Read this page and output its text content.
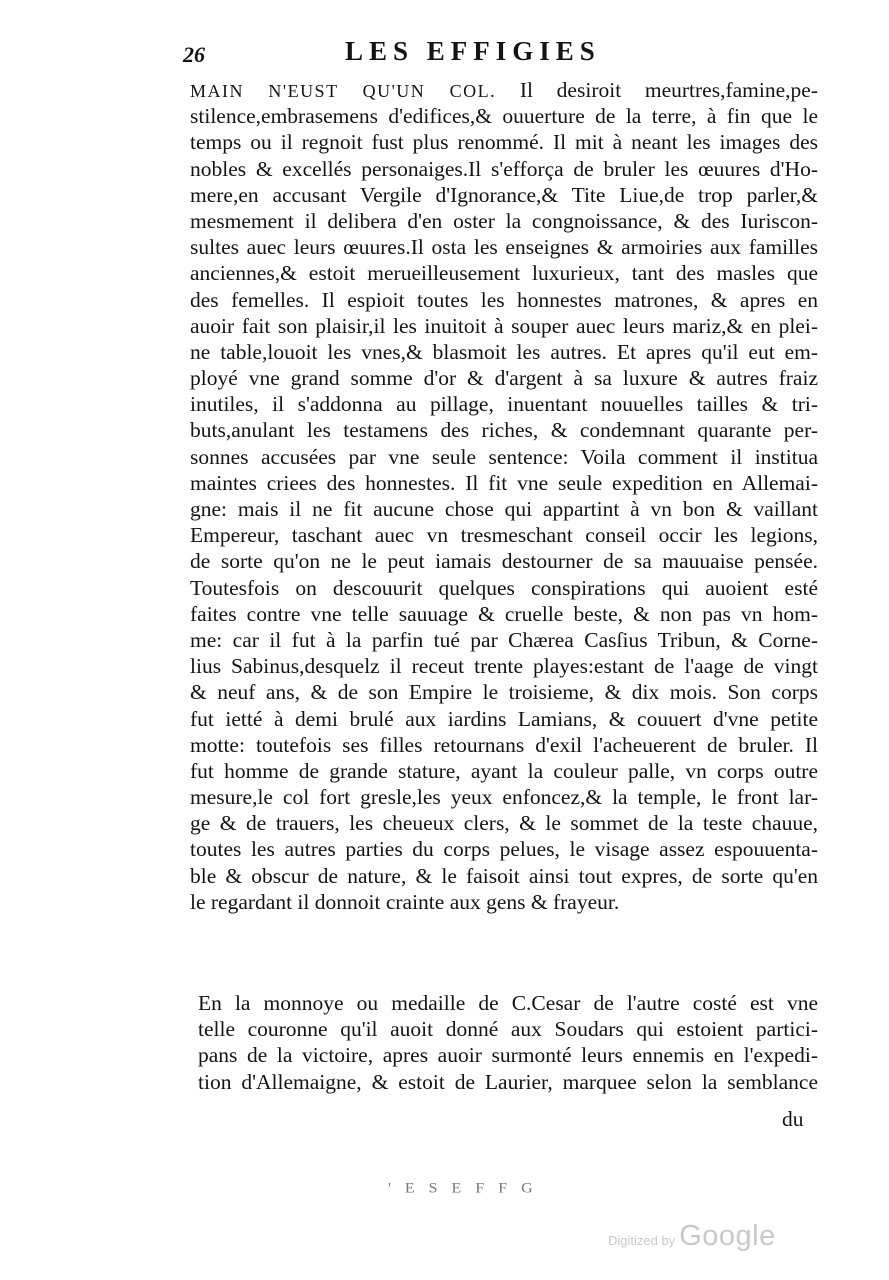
26	LES EFFIGIES
MAIN N'EUST QU'UN COL. Il desiroit meurtres,famine,pe-
stilence,embrasemens d'edifices,& ouuerture de la terre, à fin que le
temps ou il regnoit fust plus renommé. Il mit à neant les images des
nobles & excellés personaiges.Il s'efforça de bruler les œuures d'Ho-
mere,en accusant Vergile d'Ignorance,& Tite Liue,de trop parler,&
mesmement il delibera d'en oster la congnoissance, & des Iuriscon-
sultes auec leurs œuures.Il osta les enseignes & armoiries aux familles
anciennes,& estoit merueilleusement luxurieux, tant des masles que
des femelles. Il espioit toutes les honnestes matrones, & apres en
auoir fait son plaisir,il les inuitoit à souper auec leurs mariz,& en plei-
ne table,louoit les vnes,& blasmoit les autres. Et apres qu'il eut em-
ployé vne grand somme d'or & d'argent à sa luxure & autres fraiz
inutiles, il s'addonna au pillage, inuentant nouuelles tailles & tri-
buts,anulant les testamens des riches, & condemnant quarante per-
sonnes accusées par vne seule sentence: Voila comment il institua
maintes criees des honnestes. Il fit vne seule expedition en Allemai-
gne: mais il ne fit aucune chose qui appartint à vn bon & vaillant
Empereur, taschant auec vn tresmeschant conseil occir les legions,
de sorte qu'on ne le peut iamais destourner de sa mauuaise pensée.
Toutesfois on descouurit quelques conspirations qui auoient esté
faites contre vne telle sauuage & cruelle beste, & non pas vn hom-
me: car il fut à la parfin tué par Chærea Casſius Tribun, & Corne-
lius Sabinus,desquelz il receut trente playes:estant de l'aage de vingt
& neuf ans, & de son Empire le troisieme, & dix mois. Son corps
fut ietté à demi brulé aux iardins Lamians, & couuert d'vne petite
motte: toutefois ses filles retournans d'exil l'acheuerent de bruler. Il
fut homme de grande stature, ayant la couleur palle, vn corps outre
mesure,le col fort gresle,les yeux enfoncez,& la temple, le front lar-
ge & de trauers, les cheueux clers, & le sommet de la teste chauue,
toutes les autres parties du corps pelues, le visage assez espouuenta-
ble & obscur de nature, & le faisoit ainsi tout expres, de sorte qu'en
le regardant il donnoit crainte aux gens & frayeur.
En la monnoye ou medaille de C.Cesar de l'autre costé est vne
telle couronne qu'il auoit donné aux Soudars qui estoient partici-
pans de la victoire, apres auoir surmonté leurs ennemis en l'expedi-
tion d'Allemaigne, & estoit de Laurier, marquee selon la semblance
du
' E S E F F G
Digitized by Google
